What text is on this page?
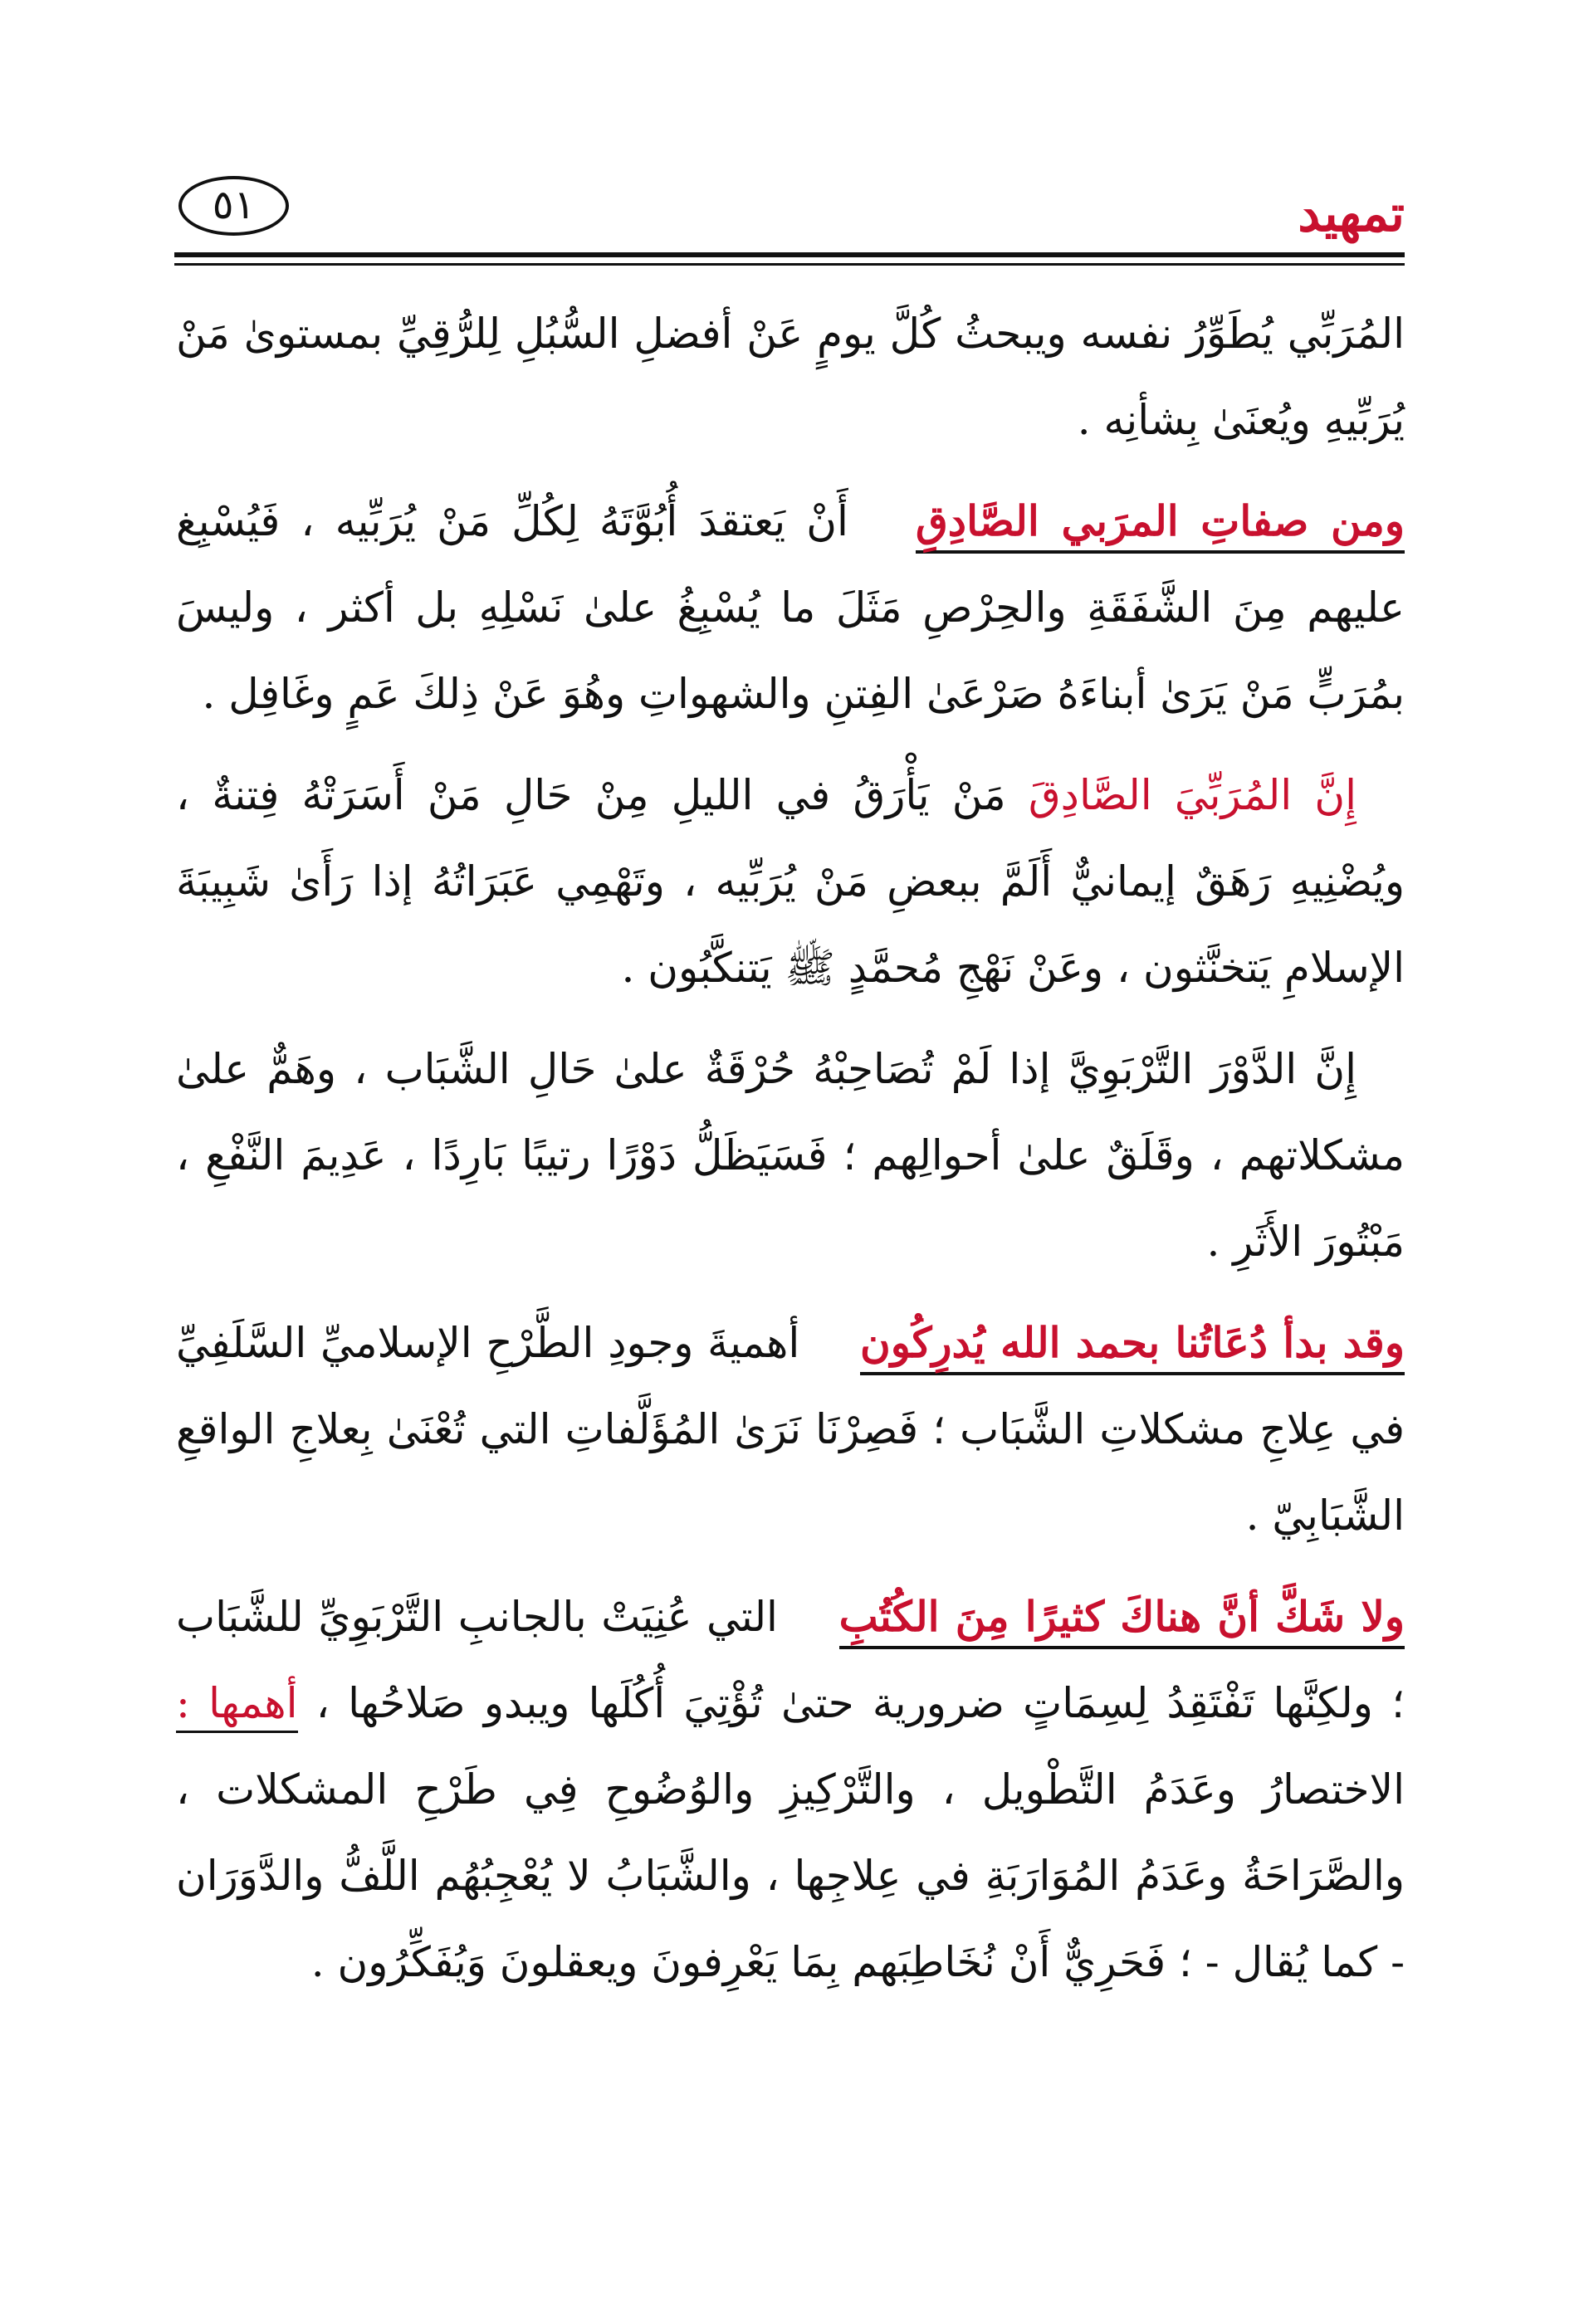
٥١	تمهيد

المُرَبِّي يُطَوِّرُ نفسه ويبحثُ كُلَّ يومٍ عَنْ أفضلِ السُّبُلِ لِلرُّقِيِّ بمستوىٰ مَنْ يُرَبِّيهِ ويُعنَىٰ بِشأنِه .

ومن صفاتِ المرَبي الصَّادِقِ أَنْ يَعتقدَ أُبُوَّتَهُ لِكُلِّ مَنْ يُرَبِّيه ، فَيُسْبِغ عليهم مِنَ الشَّفَقَةِ والحِرْصِ مَثَلَ ما يُسْبِغُ علىٰ نَسْلِهِ بل أكثر ، وليسَ بمُرَبٍّ مَنْ يَرَىٰ أبناءَهُ صَرْعَىٰ الفِتنِ والشهواتِ وهُوَ عَنْ ذِلكَ عَمٍ وغَافِل .

إِنَّ المُرَبِّيَ الصَّادِقَ مَنْ يَأْرَقُ في الليلِ مِنْ حَالِ مَنْ أَسَرَتْهُ فِتنةٌ ، ويُضْنِيهِ رَهَقٌ إيمانيٌّ أَلَمَّ ببعضِ مَنْ يُرَبِّيه ، وتَهْمِي عَبَرَاتُهُ إذا رَأَىٰ شَبِيبَةَ الإسلامِ يَتخنَّثون ، وعَنْ نَهْجِ مُحمَّدٍ ﷺ يَتنكَّبُون .

إِنَّ الدَّوْرَ التَّرْبَوِيَّ إذا لَمْ تُصَاحِبْهُ حُرْقَةٌ علىٰ حَالِ الشَّبَاب ، وهَمٌّ علىٰ مشكلاتهم ، وقَلَقٌ علىٰ أحوالِهم ؛ فَسَيَظَلُّ دَوْرًا رتيبًا بَارِدًا ، عَدِيمَ النَّفْعِ ، مَبْتُورَ الأَثَرِ .

وقد بدأ دُعَاتُنا بحمد الله يُدرِكُون أهميةَ وجودِ الطَّرْحِ الإسلاميِّ السَّلَفِيِّ في عِلاجِ مشكلاتِ الشَّبَاب ؛ فَصِرْنَا نَرَىٰ المُؤَلَّفاتِ التي تُعْنَىٰ بِعلاجِ الواقعِ الشَّبَابِيّ .

ولا شَكَّ أنَّ هناكَ كثيرًا مِنَ الكُتُبِ التي عُنِيَتْ بالجانبِ التَّرْبَوِيِّ للشَّبَاب ؛ ولكِنَّها تَفْتَقِدُ لِسِمَاتٍ ضرورية حتىٰ تُؤْتِيَ أُكُلَها ويبدو صَلاحُها ، أهمها : الاختصارُ وعَدَمُ التَّطْويل ، والتَّرْكِيزِ والوُضُوحِ فِي طَرْحِ المشكلات ، والصَّرَاحَةُ وعَدَمُ المُوَارَبَةِ في عِلاجِها ، والشَّبَابُ لا يُعْجِبُهُم اللَّفُّ والدَّوَرَان - كما يُقال - ؛ فَحَرِيٌّ أَنْ نُخَاطِبَهم بِمَا يَعْرِفونَ ويعقلونَ وَيُفَكِّرُون .
